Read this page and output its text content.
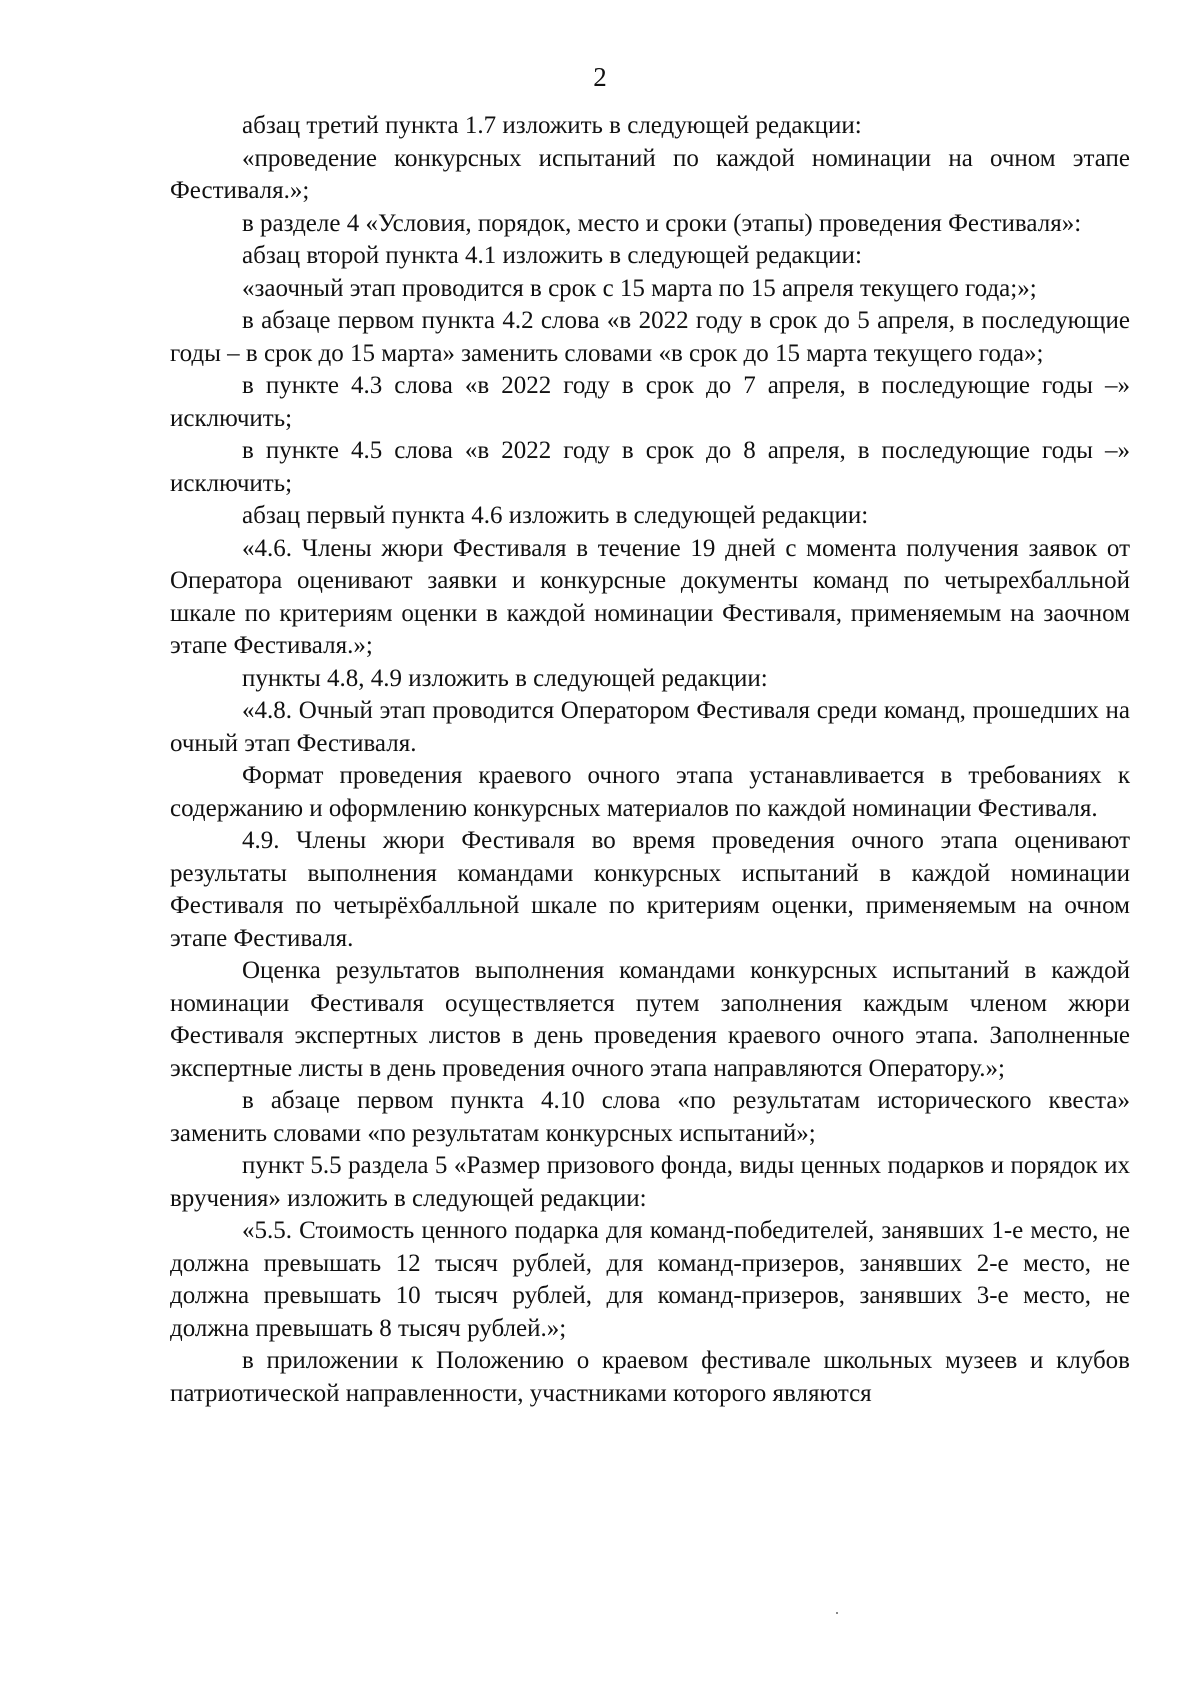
2

абзац третий пункта 1.7 изложить в следующей редакции:

«проведение конкурсных испытаний по каждой номинации на очном этапе Фестиваля.»;

в разделе 4 «Условия, порядок, место и сроки (этапы) проведения Фестиваля»:

абзац второй пункта 4.1 изложить в следующей редакции:

«заочный этап проводится в срок с 15 марта по 15 апреля текущего года;»;

в абзаце первом пункта 4.2 слова «в 2022 году в срок до 5 апреля, в последующие годы – в срок до 15 марта» заменить словами «в срок до 15 марта текущего года»;

в пункте 4.3 слова «в 2022 году в срок до 7 апреля, в последующие годы –» исключить;

в пункте 4.5 слова «в 2022 году в срок до 8 апреля, в последующие годы –» исключить;

абзац первый пункта 4.6 изложить в следующей редакции:

«4.6. Члены жюри Фестиваля в течение 19 дней с момента получения заявок от Оператора оценивают заявки и конкурсные документы команд по четырехбалльной шкале по критериям оценки в каждой номинации Фестиваля, применяемым на заочном этапе Фестиваля.»;

пункты 4.8, 4.9 изложить в следующей редакции:

«4.8. Очный этап проводится Оператором Фестиваля среди команд, прошедших на очный этап Фестиваля.

Формат проведения краевого очного этапа устанавливается в требованиях к содержанию и оформлению конкурсных материалов по каждой номинации Фестиваля.

4.9. Члены жюри Фестиваля во время проведения очного этапа оценивают результаты выполнения командами конкурсных испытаний в каждой номинации Фестиваля по четырёхбалльной шкале по критериям оценки, применяемым на очном этапе Фестиваля.

Оценка результатов выполнения командами конкурсных испытаний в каждой номинации Фестиваля осуществляется путем заполнения каждым членом жюри Фестиваля экспертных листов в день проведения краевого очного этапа. Заполненные экспертные листы в день проведения очного этапа направляются Оператору.»;

в абзаце первом пункта 4.10 слова «по результатам исторического квеста» заменить словами «по результатам конкурсных испытаний»;

пункт 5.5 раздела 5 «Размер призового фонда, виды ценных подарков и порядок их вручения» изложить в следующей редакции:

«5.5. Стоимость ценного подарка для команд-победителей, занявших 1-е место, не должна превышать 12 тысяч рублей, для команд-призеров, занявших 2-е место, не должна превышать 10 тысяч рублей, для команд-призеров, занявших 3-е место, не должна превышать 8 тысяч рублей.»;

в приложении к Положению о краевом фестивале школьных музеев и клубов патриотической направленности, участниками которого являются
